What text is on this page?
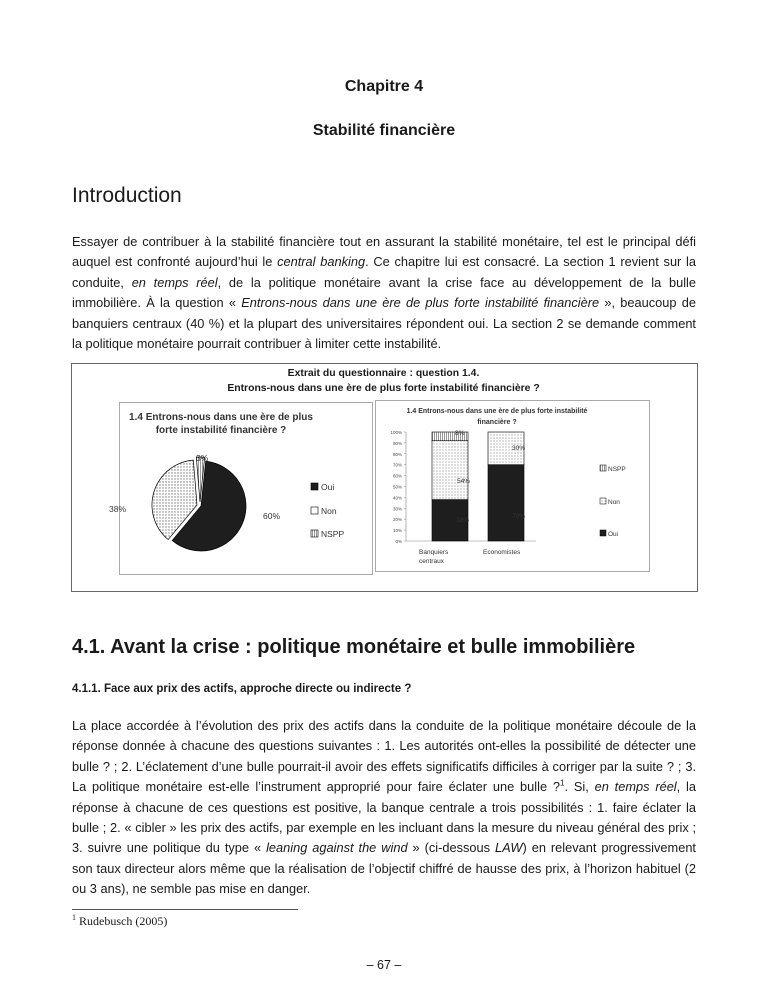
Chapitre 4
Stabilité financière
Introduction
Essayer de contribuer à la stabilité financière tout en assurant la stabilité monétaire, tel est le principal défi auquel est confronté aujourd’hui le central banking. Ce chapitre lui est consacré. La section 1 revient sur la conduite, en temps réel, de la politique monétaire avant la crise face au développement de la bulle immobilière. À la question « Entrons-nous dans une ère de plus forte instabilité financière », beaucoup de banquiers centraux (40 %) et la plupart des universitaires répondent oui. La section 2 se demande comment la politique monétaire pourrait contribuer à limiter cette instabilité.
Extrait du questionnaire : question 1.4.
Entrons-nous dans une ère de plus forte instabilité financière ?
1.4 Entrons-nous dans une ère de plus
forte instabilité financière ?
3%
38%
60%
Oui
Non
NSPP
1.4 Entrons-nous dans une ère de plus forte instabilité
financière ?
0%
10%
20%
30%
40%
50%
60%
70%
80%
90%
100%
38%
54%
8%
70%
30%
Banquiers
centraux
Economistes
NSPP
Non
Oui
4.1. Avant la crise : politique monétaire et bulle immobilière
4.1.1. Face aux prix des actifs, approche directe ou indirecte ?
La place accordée à l’évolution des prix des actifs dans la conduite de la politique monétaire découle de la réponse donnée à chacune des questions suivantes : 1. Les autorités ont-elles la possibilité de détecter une bulle ? ; 2. L’éclatement d’une bulle pourrait-il avoir des effets significatifs difficiles à corriger par la suite ? ; 3. La politique monétaire est-elle l’instrument approprié pour faire éclater une bulle ?$^1$. Si, en temps réel, la réponse à chacune de ces questions est positive, la banque centrale a trois possibilités : 1. faire éclater la bulle ; 2. « cibler » les prix des actifs, par exemple en les incluant dans la mesure du niveau général des prix ; 3. suivre une politique du type « leaning against the wind » (ci-dessous LAW) en relevant progressivement son taux directeur alors même que la réalisation de l’objectif chiffré de hausse des prix, à l’horizon habituel (2 ou 3 ans), ne semble pas mise en danger.
$^1$ Rudebusch (2005)
– 67 –
